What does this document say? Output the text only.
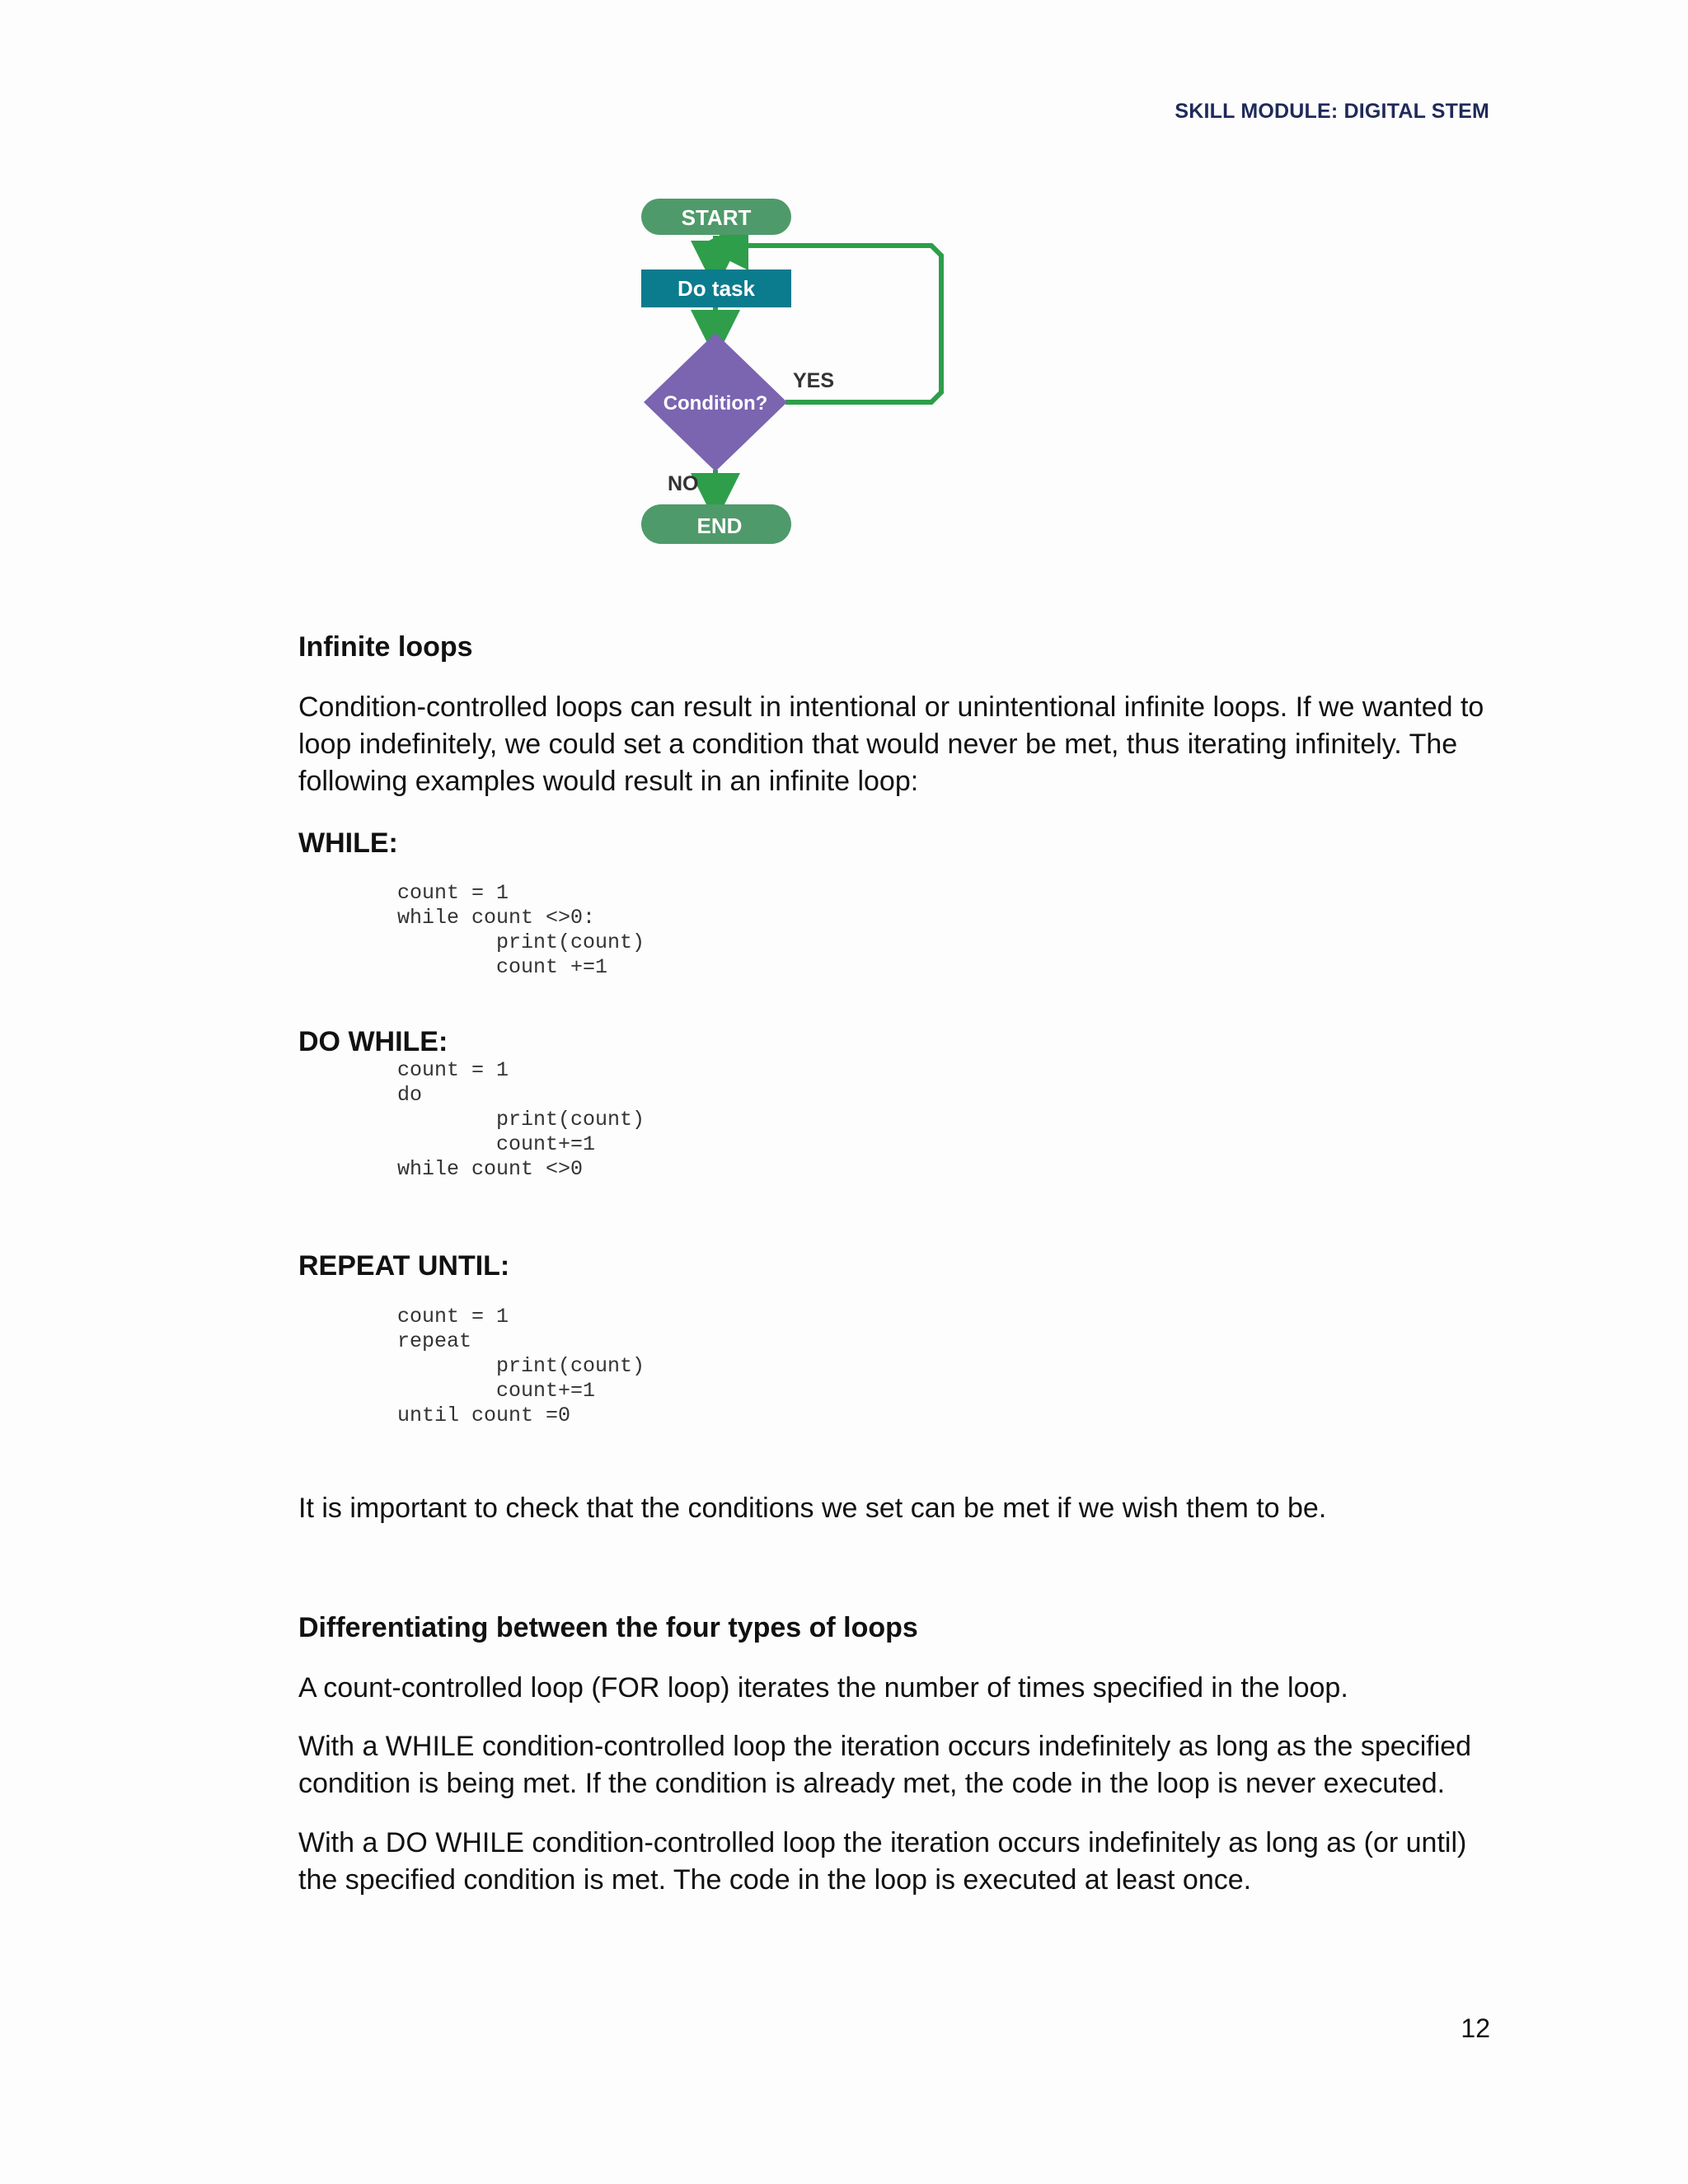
SKILL MODULE: DIGITAL STEM
START
Do task
Condition?
YES
NO
END
Infinite loops
Condition-controlled loops can result in intentional or unintentional infinite loops. If we wanted to loop indefinitely, we could set a condition that would never be met, thus iterating infinitely. The following examples would result in an infinite loop:
WHILE:
count = 1
while count <>0:
print(count)
count +=1
DO WHILE:
count = 1
do
print(count)
count+=1
while count <>0
REPEAT UNTIL:
count = 1
repeat
print(count)
count+=1
until count =0
It is important to check that the conditions we set can be met if we wish them to be.
Differentiating between the four types of loops
A count-controlled loop (FOR loop) iterates the number of times specified in the loop.
With a WHILE condition-controlled loop the iteration occurs indefinitely as long as the specified condition is being met. If the condition is already met, the code in the loop is never executed.
With a DO WHILE condition-controlled loop the iteration occurs indefinitely as long as (or until) the specified condition is met. The code in the loop is executed at least once.
12
